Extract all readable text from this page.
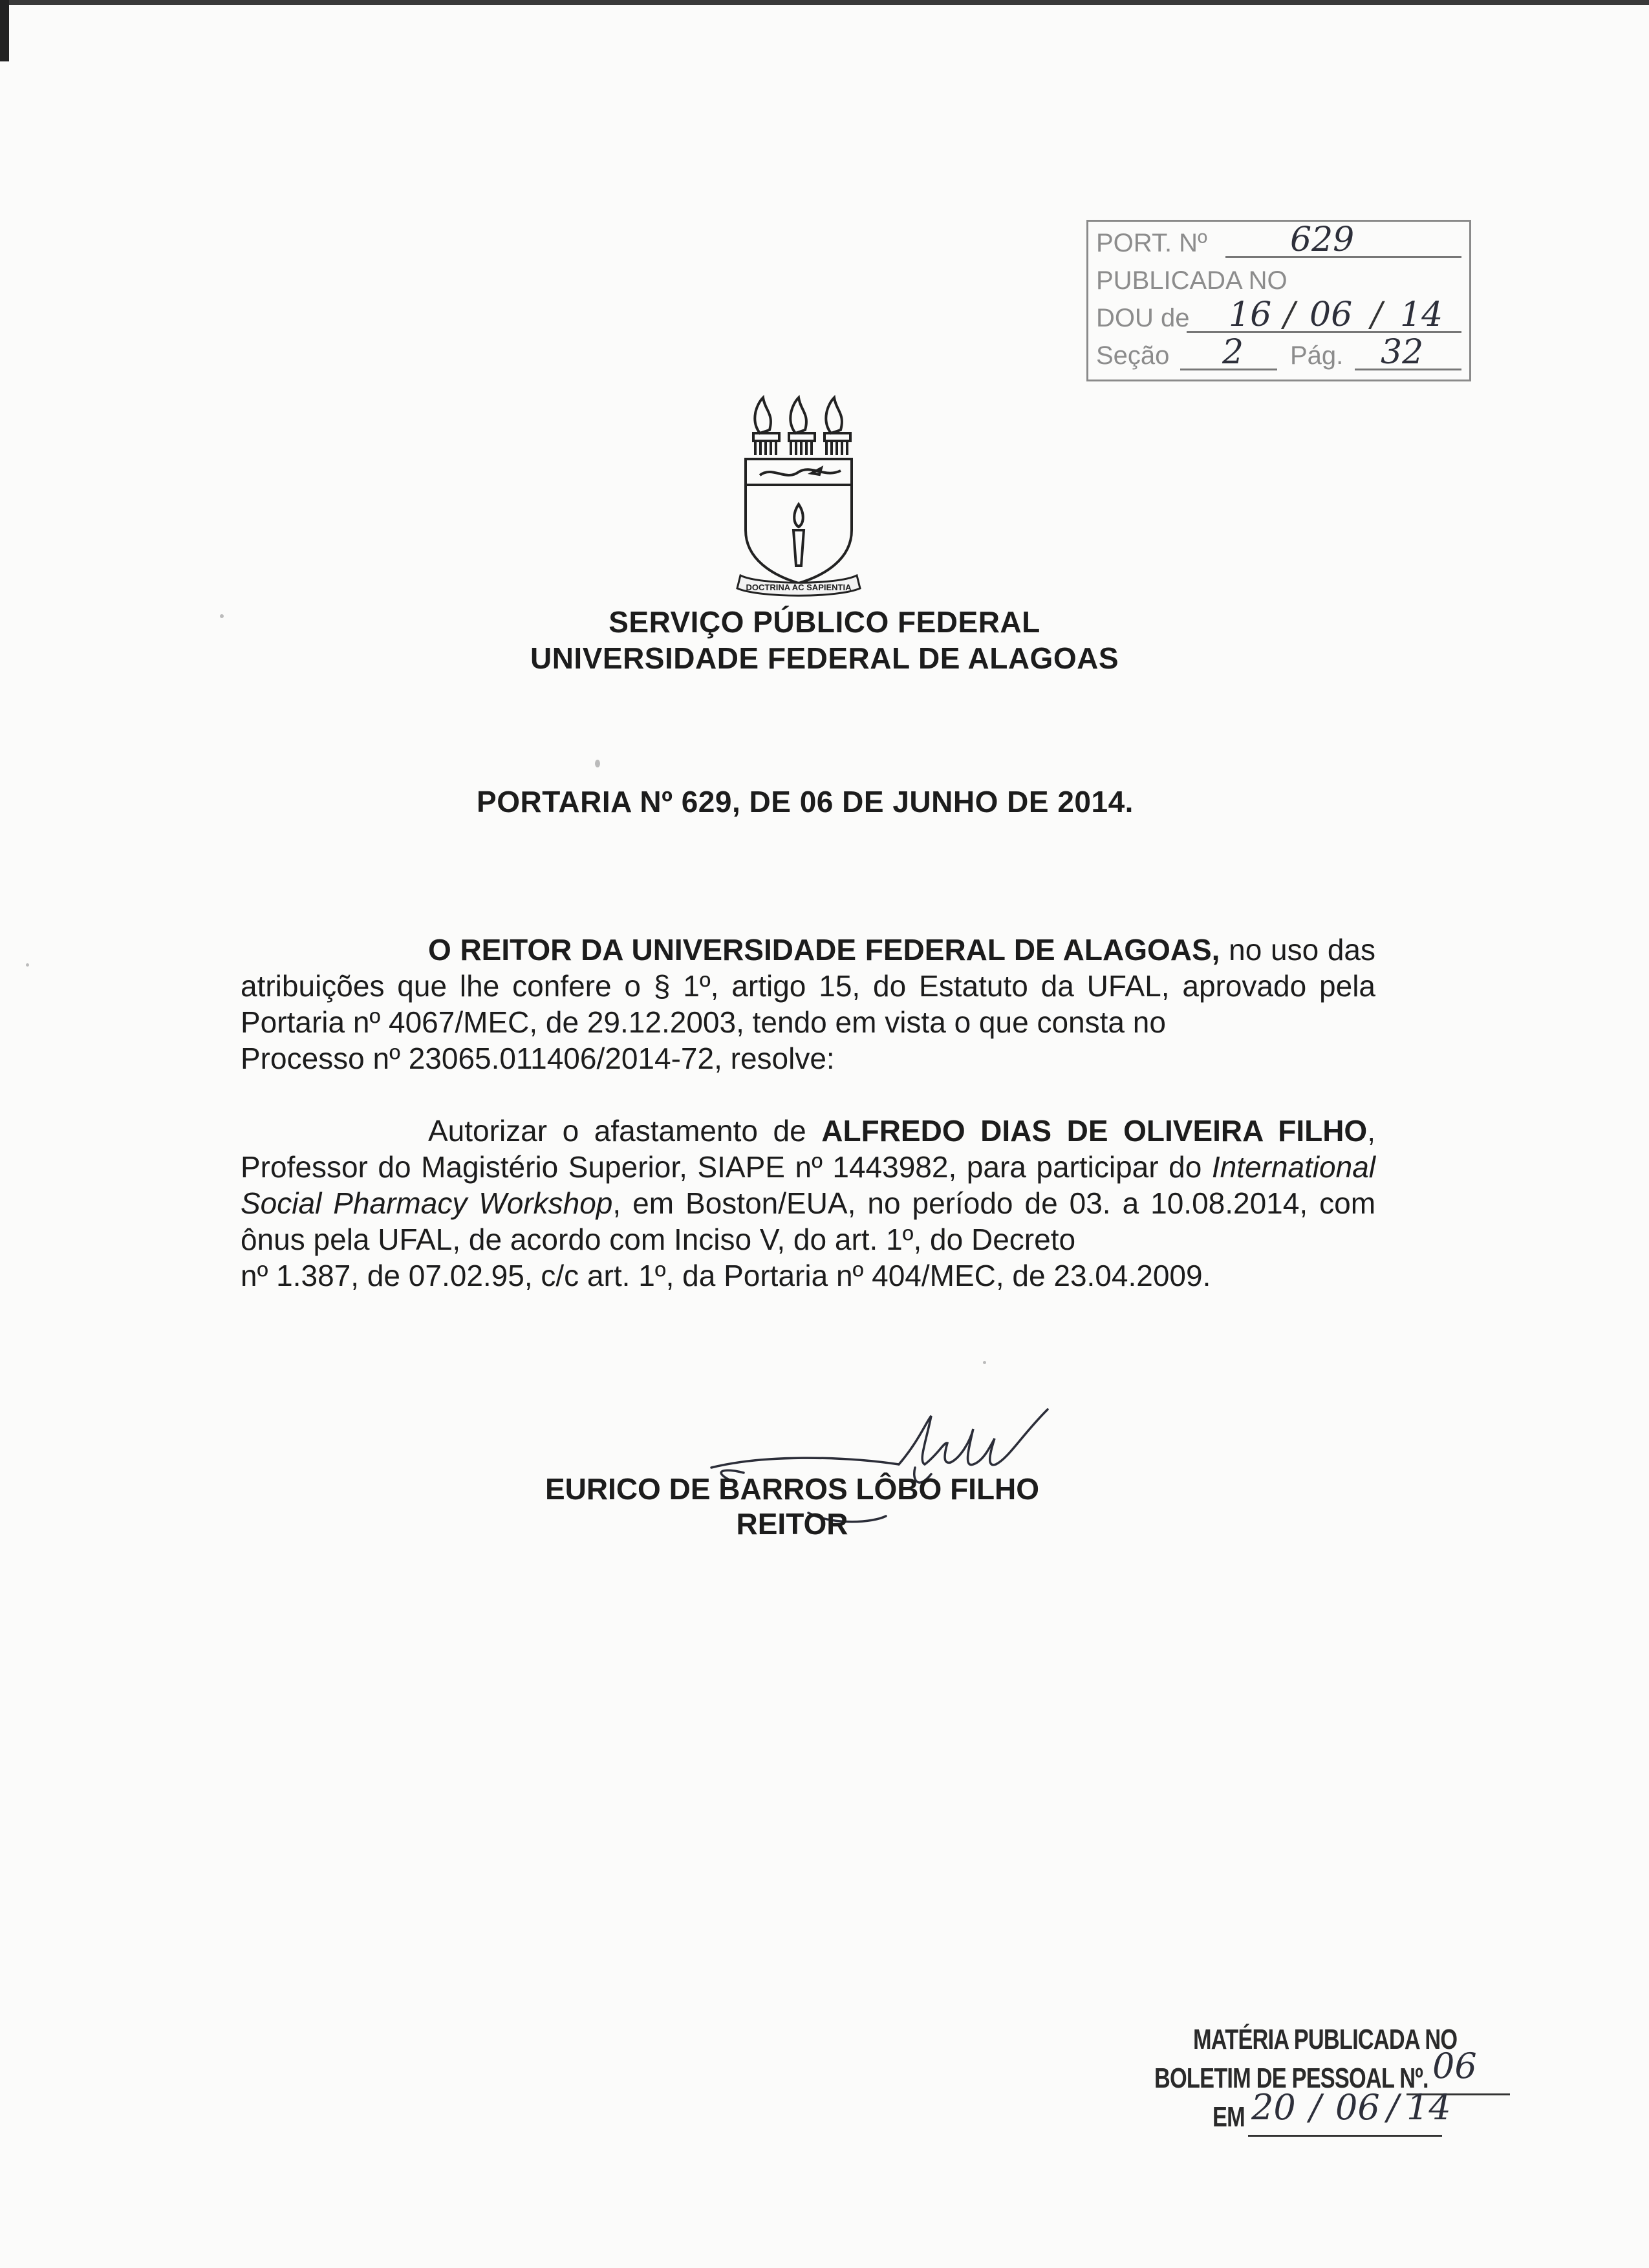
PORT. Nº 629
PUBLICADA NO
DOU de 16 / 06 / 14
Seção 2 Pág. 32
DOCTRINA AC SAPIENTIA
SERVIÇO PÚBLICO FEDERAL
UNIVERSIDADE FEDERAL DE ALAGOAS
PORTARIA Nº 629, DE 06 DE JUNHO DE 2014.
O REITOR DA UNIVERSIDADE FEDERAL DE ALAGOAS, no uso das atribuições que lhe confere o § 1º, artigo 15, do Estatuto da UFAL, aprovado pela Portaria nº 4067/MEC, de 29.12.2003, tendo em vista o que consta no
Processo nº 23065.011406/2014-72, resolve:
Autorizar o afastamento de ALFREDO DIAS DE OLIVEIRA FILHO, Professor do Magistério Superior, SIAPE nº 1443982, para participar do International Social Pharmacy Workshop, em Boston/EUA, no período de 03. a 10.08.2014, com ônus pela UFAL, de acordo com Inciso V, do art. 1º, do Decreto
nº 1.387, de 07.02.95, c/c art. 1º, da Portaria nº 404/MEC, de 23.04.2009.
EURICO DE BARROS LÔBO FILHO
REITOR
MATÉRIA PUBLICADA NO
BOLETIM DE PESSOAL Nº. 06
EM 20 / 06 / 14
